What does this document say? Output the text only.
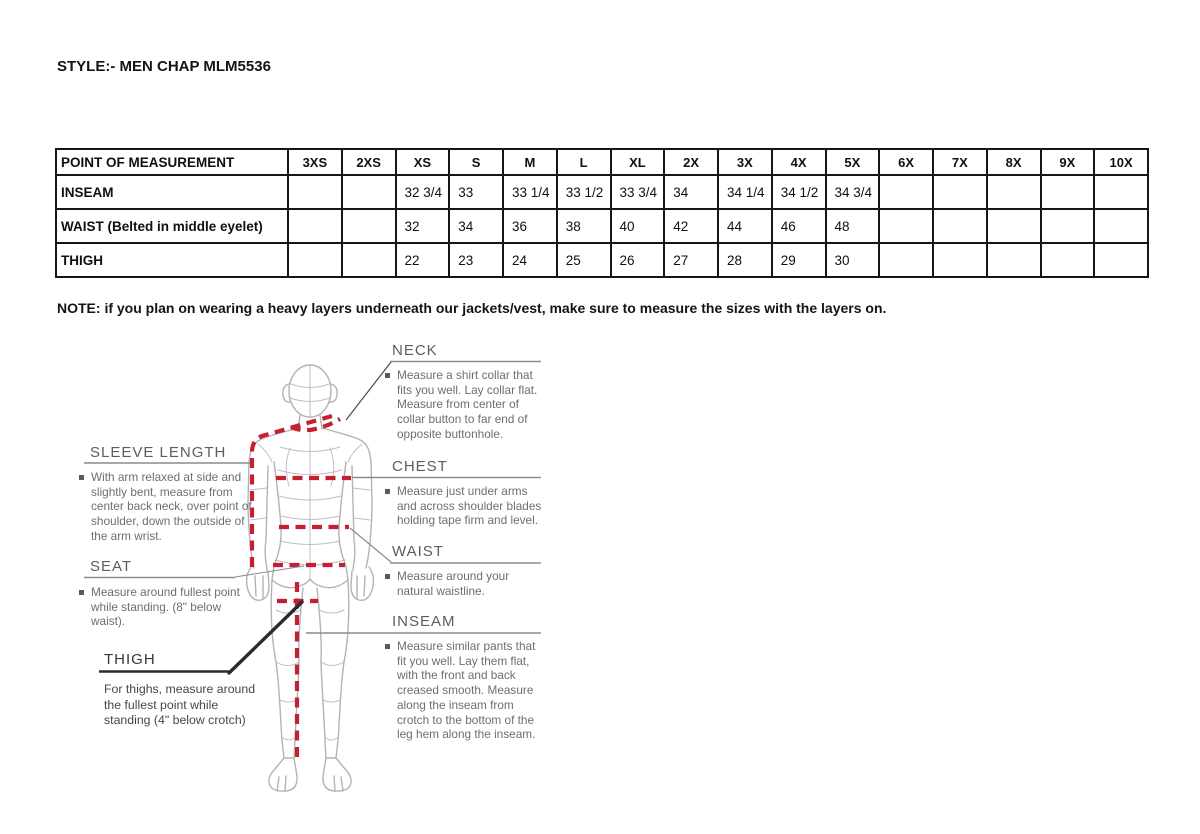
STYLE:- MEN CHAP MLM5536
POINT OF MEASUREMENT	3XS	2XS	XS	S	M	L	XL	2X	3X	4X	5X	6X	7X	8X	9X	10X
INSEAM			32 3/4	33	33 1/4	33 1/2	33 3/4	34	34 1/4	34 1/2	34 3/4					
WAIST (Belted in middle eyelet)			32	34	36	38	40	42	44	46	48					
THIGH			22	23	24	25	26	27	28	29	30					
NOTE: if you plan on wearing a heavy layers underneath our jackets/vest, make sure to measure the sizes with the layers on.
NECK
Measure a shirt collar that fits you well. Lay collar flat. Measure from center of collar button to far end of opposite buttonhole.
CHEST
Measure just under arms and across shoulder blades holding tape firm and level.
WAIST
Measure around your natural waistline.
INSEAM
Measure similar pants that fit you well. Lay them flat, with the front and back creased smooth. Measure along the inseam from crotch to the bottom of the leg hem along the inseam.
SLEEVE LENGTH
With arm relaxed at side and slightly bent, measure from center back neck, over point of shoulder, down the outside of the arm wrist.
SEAT
Measure around fullest point while standing. (8" below waist).
THIGH
For thighs, measure around the fullest point while standing (4" below crotch)
